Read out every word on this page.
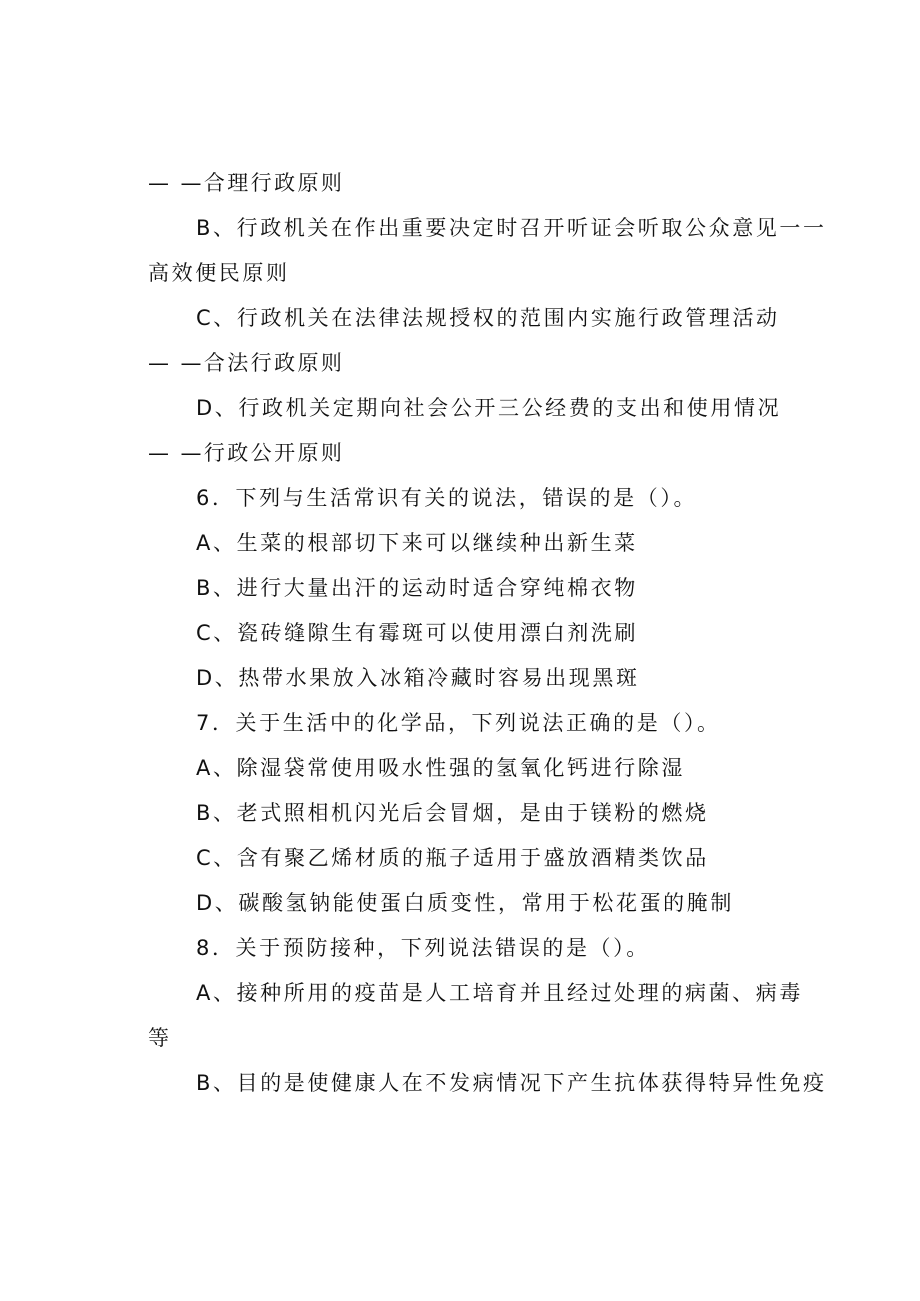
— —合理行政原则
B、行政机关在作出重要决定时召开听证会听取公众意见一一
高效便民原则
C、行政机关在法律法规授权的范围内实施行政管理活动
— —合法行政原则
D、行政机关定期向社会公开三公经费的支出和使用情况
— —行政公开原则
6．下列与生活常识有关的说法，错误的是（）。
A、生菜的根部切下来可以继续种出新生菜
B、进行大量出汗的运动时适合穿纯棉衣物
C、瓷砖缝隙生有霉斑可以使用漂白剂洗刷
D、热带水果放入冰箱冷藏时容易出现黑斑
7．关于生活中的化学品，下列说法正确的是（）。
A、除湿袋常使用吸水性强的氢氧化钙进行除湿
B、老式照相机闪光后会冒烟，是由于镁粉的燃烧
C、含有聚乙烯材质的瓶子适用于盛放酒精类饮品
D、碳酸氢钠能使蛋白质变性，常用于松花蛋的腌制
8．关于预防接种，下列说法错误的是（）。
A、接种所用的疫苗是人工培育并且经过处理的病菌、病毒
等
B、目的是使健康人在不发病情况下产生抗体获得特异性免疫
